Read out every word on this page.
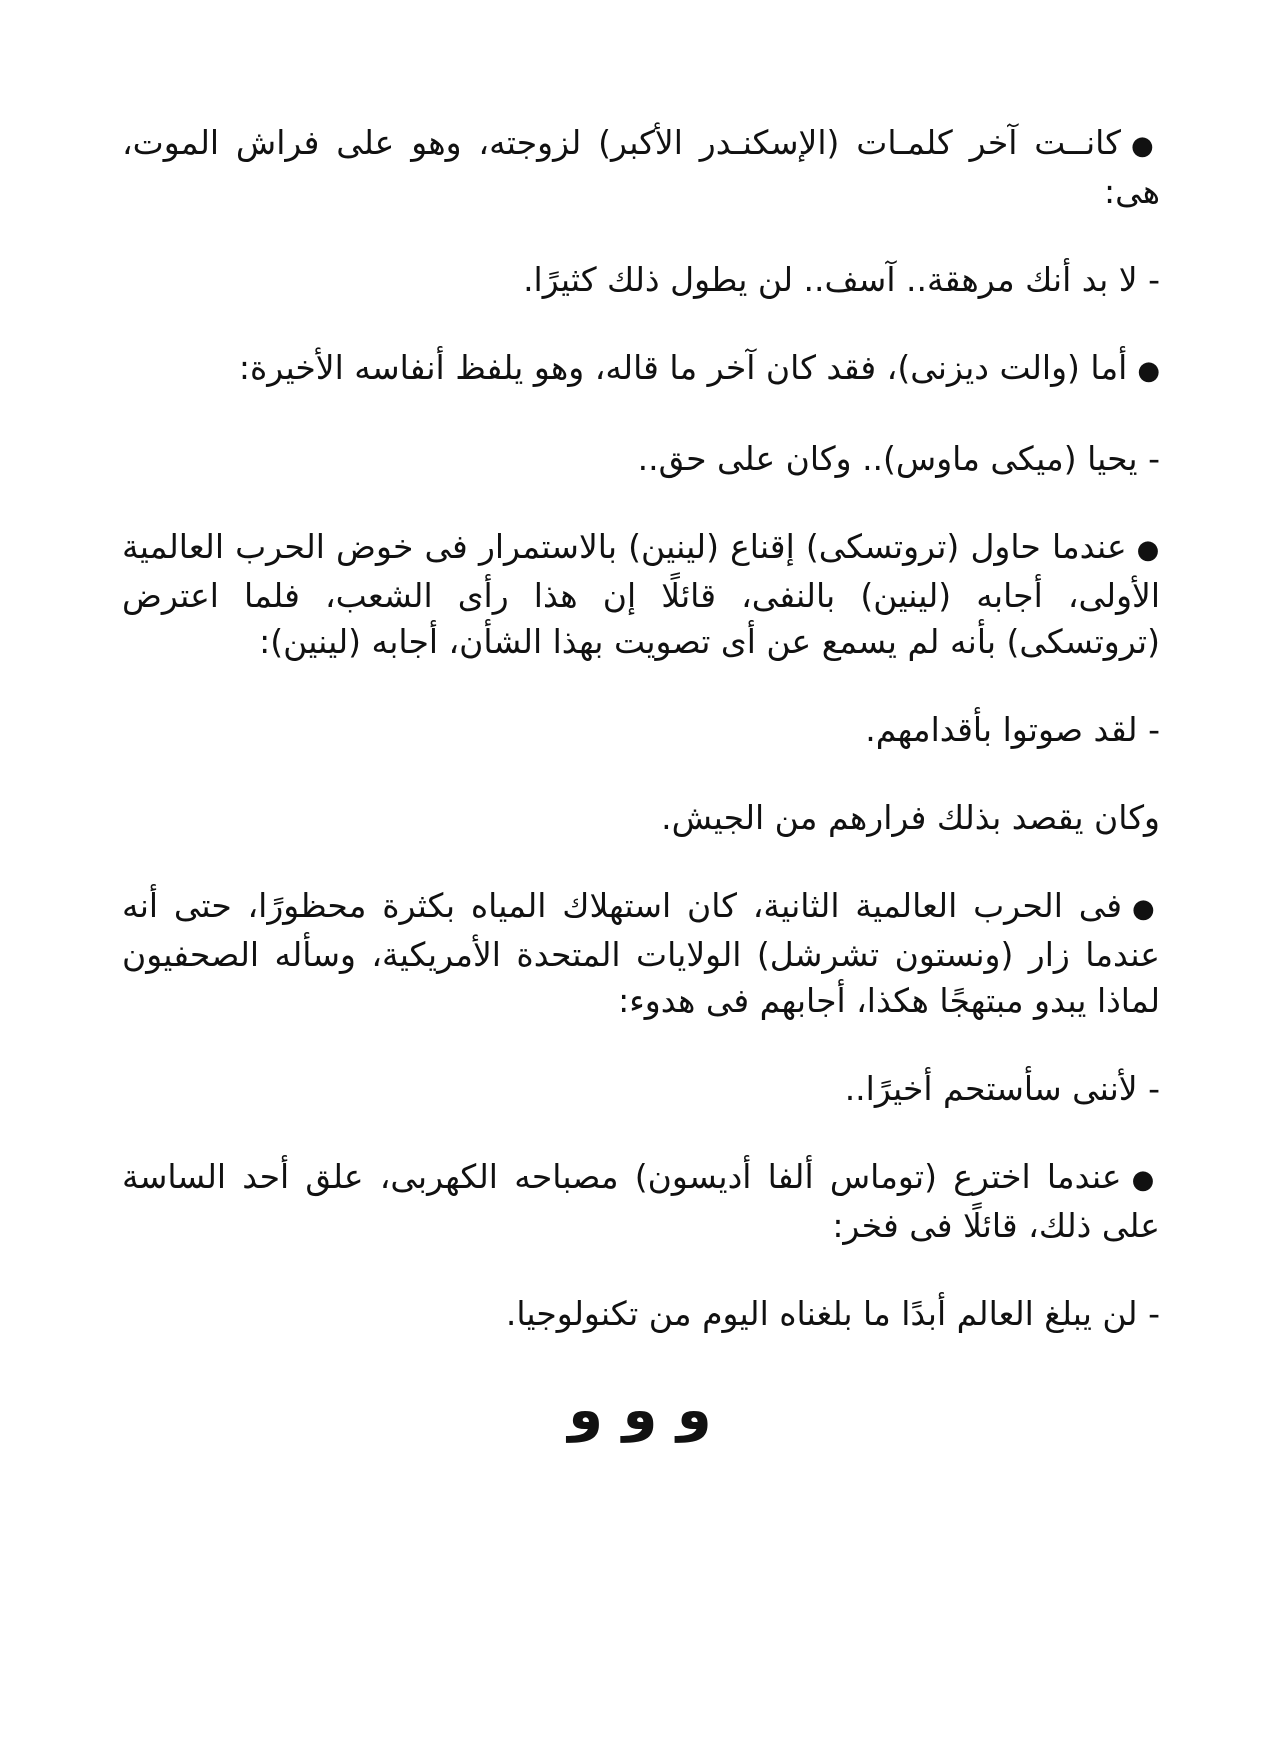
●كانــت آخر كلمـات (الإسكنـدر الأكبر) لزوجته، وهو على فراش الموت، هى:

- لا بد أنك مرهقة.. آسف.. لن يطول ذلك كثيرًا.

●أما (والت ديزنى)، فقد كان آخر ما قاله، وهو يلفظ أنفاسه الأخيرة:

- يحيا (ميكى ماوس).. وكان على حق..

●عندما حاول (تروتسكى) إقناع (لينين) بالاستمرار فى خوض الحرب العالمية الأولى، أجابه (لينين) بالنفى، قائلًا إن هذا رأى الشعب، فلما اعترض (تروتسكى) بأنه لم يسمع عن أى تصويت بهذا الشأن، أجابه (لينين):

- لقد صوتوا بأقدامهم.

وكان يقصد بذلك فرارهم من الجيش.

●فى الحرب العالمية الثانية، كان استهلاك المياه بكثرة محظورًا، حتى أنه عندما زار (ونستون تشرشل) الولايات المتحدة الأمريكية، وسأله الصحفيون لماذا يبدو مبتهجًا هكذا، أجابهم فى هدوء:

- لأننى سأستحم أخيرًا..

●عندما اخترع (توماس ألفا أديسون) مصباحه الكهربى، علق أحد الساسة على ذلك، قائلًا فى فخر:

- لن يبلغ العالم أبدًا ما بلغناه اليوم من تكنولوجيا.

و و و
